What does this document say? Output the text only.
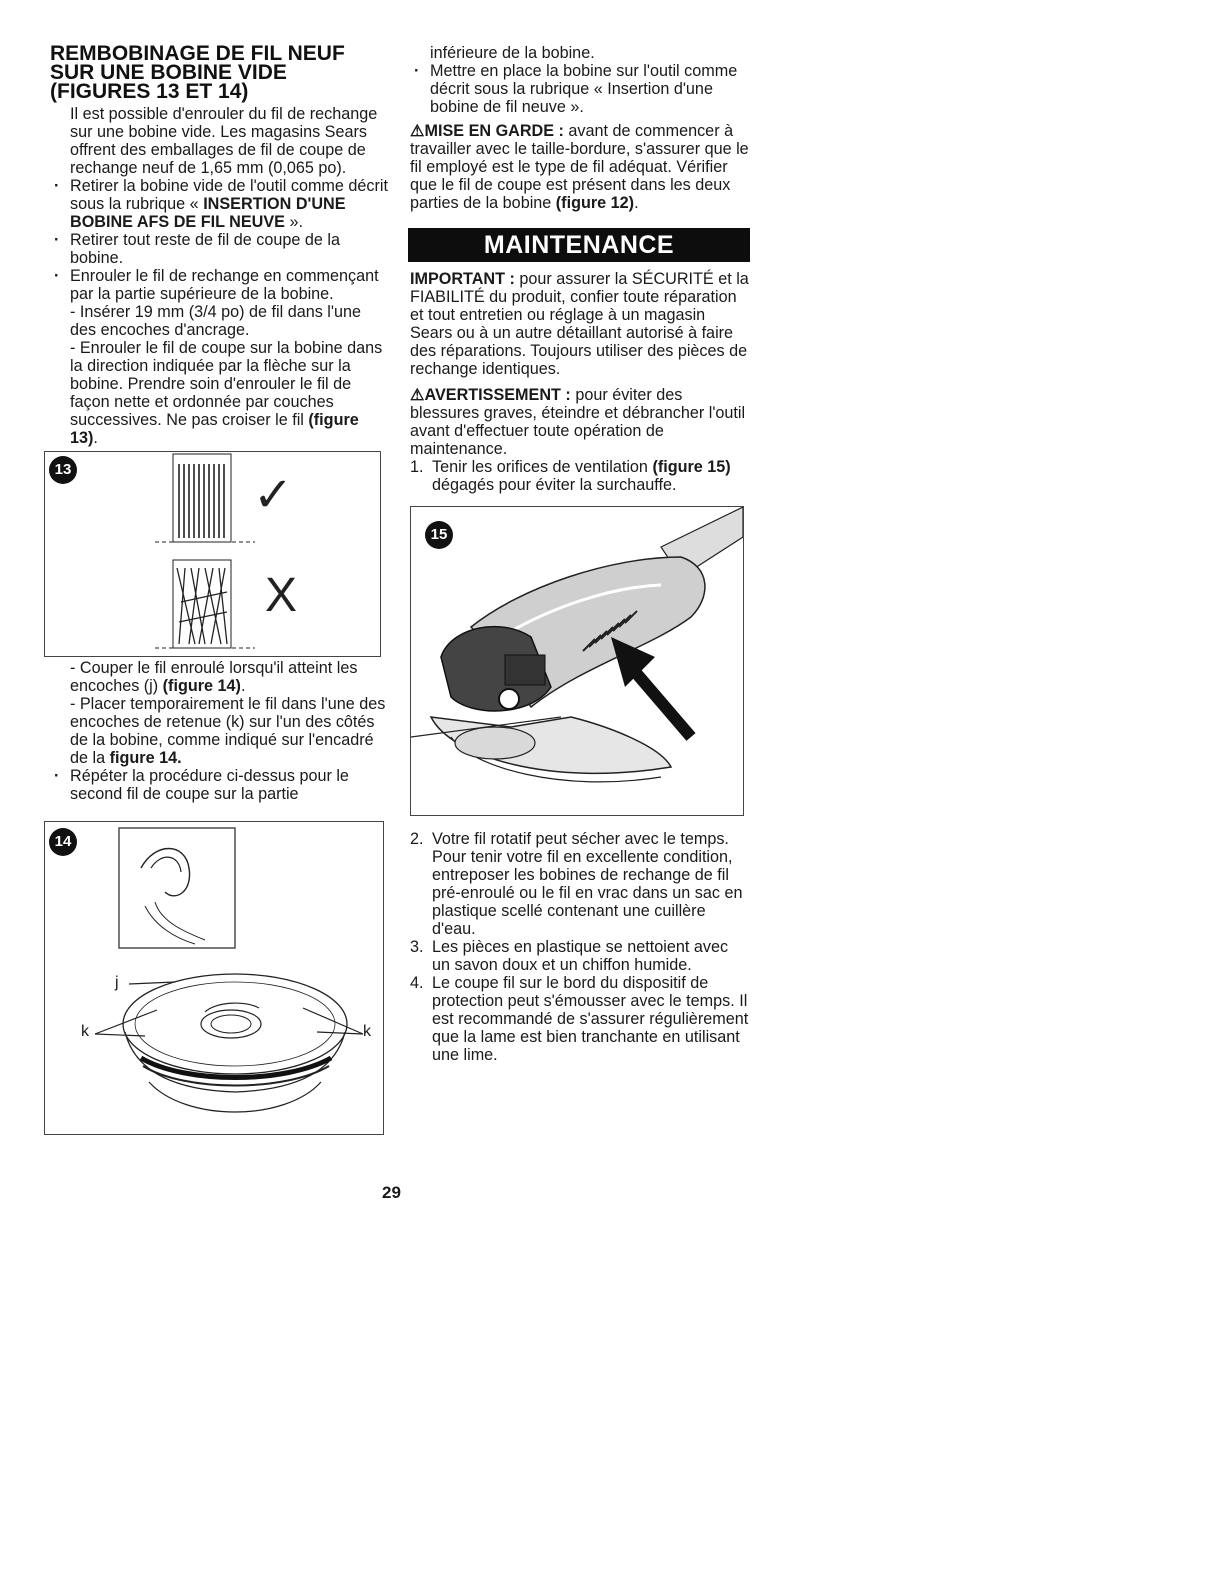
REMBOBINAGE DE FIL NEUF SUR UNE BOBINE VIDE (FIGURES 13 ET 14)

Il est possible d'enrouler du fil de rechange sur une bobine vide. Les magasins Sears offrent des emballages de fil de coupe de rechange neuf de 1,65 mm (0,065 po).

· Retirer la bobine vide de l'outil comme décrit sous la rubrique « INSERTION D'UNE BOBINE AFS DE FIL NEUVE ».

· Retirer tout reste de fil de coupe de la bobine.

· Enrouler le fil de rechange en commençant par la partie supérieure de la bobine.

- Insérer 19 mm (3/4 po) de fil dans l'une des encoches d'ancrage.

- Enrouler le fil de coupe sur la bobine dans la direction indiquée par la flèche sur la bobine. Prendre soin d'enrouler le fil de façon nette et ordonnée par couches successives. Ne pas croiser le fil (figure 13).

13	✓
X

- Couper le fil enroulé lorsqu'il atteint les encoches (j) (figure 14).

- Placer temporairement le fil dans l'une des encoches de retenue (k) sur l'un des côtés de la bobine, comme indiqué sur l'encadré de la figure 14.

· Répéter la procédure ci-dessus pour le second fil de coupe sur la partie

14
j
k	k

inférieure de la bobine.

· Mettre en place la bobine sur l'outil comme décrit sous la rubrique « Insertion d'une bobine de fil neuve ».

⚠MISE EN GARDE : avant de commencer à travailler avec le taille-bordure, s'assurer que le fil employé est le type de fil adéquat. Vérifier que le fil de coupe est présent dans les deux parties de la bobine (figure 12).

MAINTENANCE

IMPORTANT : pour assurer la SÉCURITÉ et la FIABILITÉ du produit, confier toute réparation et tout entretien ou réglage à un magasin Sears ou à un autre détaillant autorisé à faire des réparations. Toujours utiliser des pièces de rechange identiques.

⚠AVERTISSEMENT : pour éviter des blessures graves, éteindre et débrancher l'outil avant d'effectuer toute opération de maintenance.

1. Tenir les orifices de ventilation (figure 15) dégagés pour éviter la surchauffe.

15

2. Votre fil rotatif peut sécher avec le temps. Pour tenir votre fil en excellente condition, entreposer les bobines de rechange de fil pré-enroulé ou le fil en vrac dans un sac en plastique scellé contenant une cuillère d'eau.

3. Les pièces en plastique se nettoient avec un savon doux et un chiffon humide.

4. Le coupe fil sur le bord du dispositif de protection peut s'émousser avec le temps. Il est recommandé de s'assurer régulièrement que la lame est bien tranchante en utilisant une lime.

29
